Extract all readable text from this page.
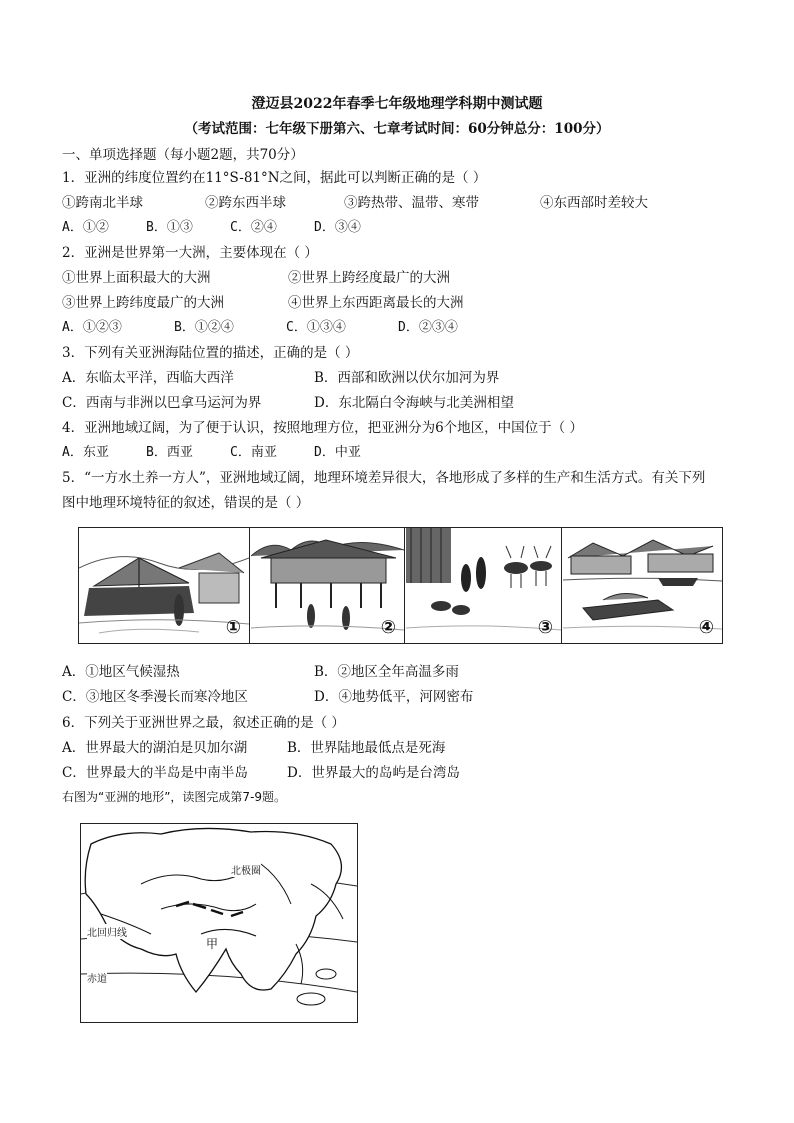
澄迈县2022年春季七年级地理学科期中测试题
（考试范围：七年级下册第六、七章考试时间：60分钟总分：100分）
一、单项选择题（每小题2题，共70分）
1．亚洲的纬度位置约在11°S-81°N之间，据此可以判断正确的是（ ）
①跨南北半球	②跨东西半球	③跨热带、温带、寒带	④东西部时差较大
A．①②	B．①③	C．②④	D．③④
2．亚洲是世界第一大洲，主要体现在（ ）
①世界上面积最大的大洲	②世界上跨经度最广的大洲
③世界上跨纬度最广的大洲	④世界上东西距离最长的大洲
A．①②③	B．①②④	C．①③④	D．②③④
3．下列有关亚洲海陆位置的描述，正确的是（ ）
A．东临太平洋，西临大西洋	B．西部和欧洲以伏尔加河为界
C．西南与非洲以巴拿马运河为界	D．东北隔白令海峡与北美洲相望
4．亚洲地域辽阔，为了便于认识，按照地理方位，把亚洲分为6个地区，中国位于（ ）
A．东亚	B．西亚	C．南亚	D．中亚
5．“一方水土养一方人”，亚洲地域辽阔，地理环境差异很大，各地形成了多样的生产和生活方式。有关下列
图中地理环境特征的叙述，错误的是（ ）
①	②	③	④
A．①地区气候湿热	B．②地区全年高温多雨
C．③地区冬季漫长而寒冷地区	D．④地势低平，河网密布
6．下列关于亚洲世界之最，叙述正确的是（ ）
A．世界最大的湖泊是贝加尔湖	B．世界陆地最低点是死海
C．世界最大的半岛是中南半岛	D．世界最大的岛屿是台湾岛
右图为“亚洲的地形”，读图完成第7-9题。
北极圈
北回归线
赤道
甲
